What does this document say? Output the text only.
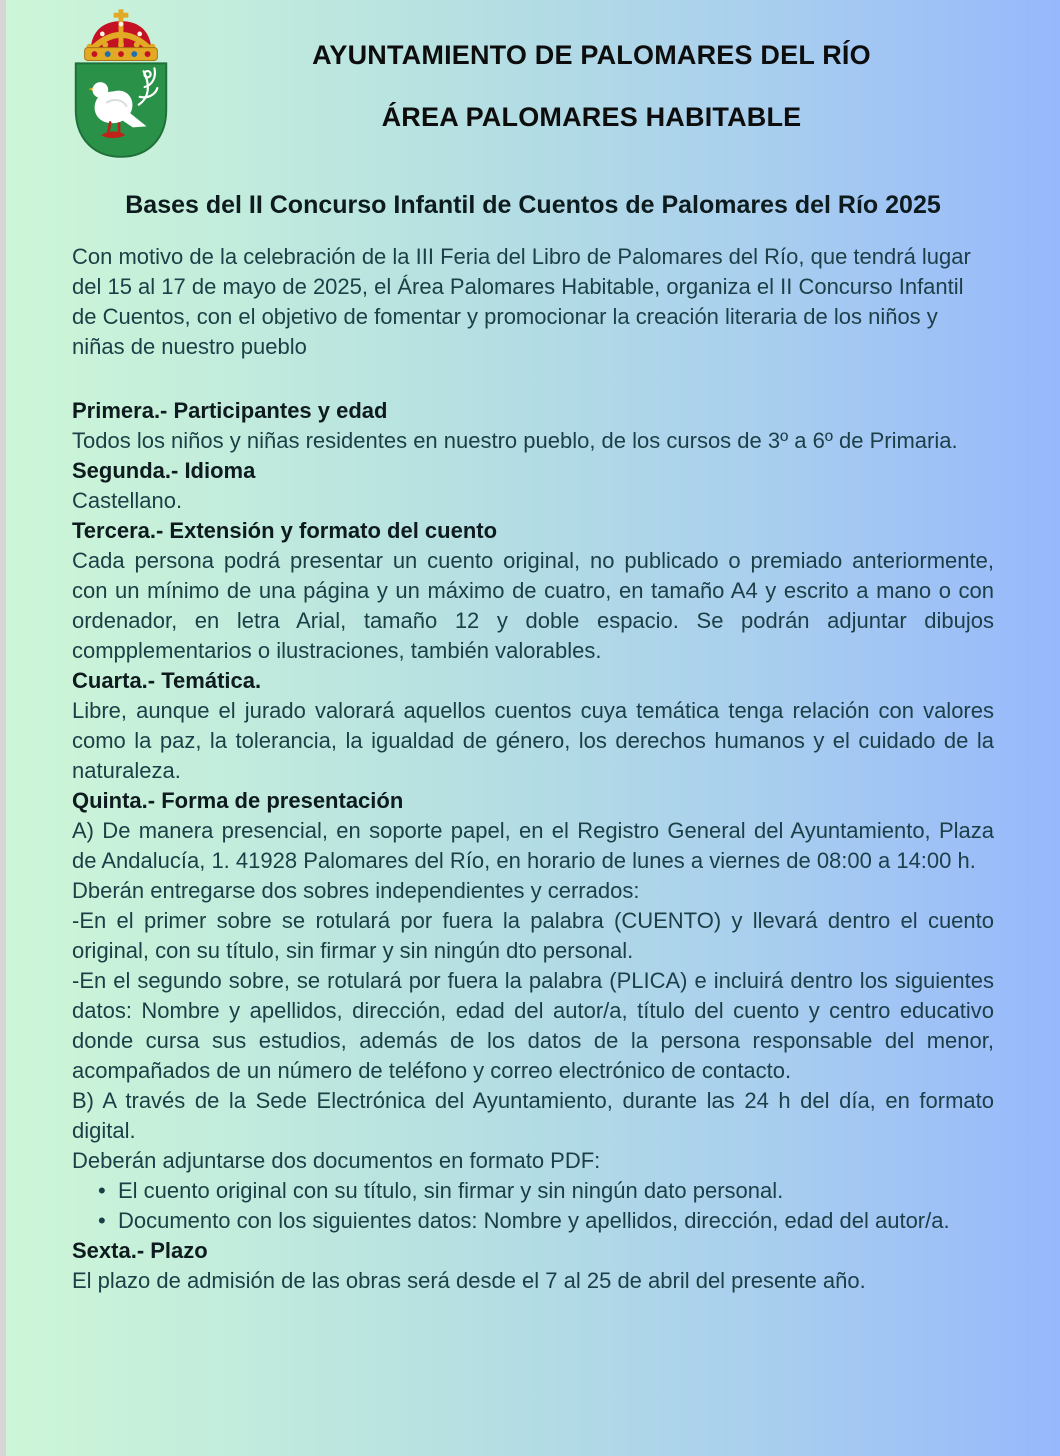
AYUNTAMIENTO DE PALOMARES DEL RÍO
ÁREA PALOMARES HABITABLE
Bases del II Concurso Infantil de Cuentos de Palomares del Río 2025

Con motivo de la celebración de la III Feria del Libro de Palomares del Río, que tendrá lugar del 15 al 17 de mayo de 2025, el Área Palomares Habitable, organiza el II Concurso Infantil de Cuentos, con el objetivo de fomentar y promocionar la creación literaria de los niños y niñas de nuestro pueblo

Primera.- Participantes y edad

Todos los niños y niñas residentes en nuestro pueblo, de los cursos de 3º a 6º de Primaria.

Segunda.- Idioma

Castellano.

Tercera.- Extensión y formato del cuento

Cada persona podrá presentar un cuento original, no publicado o premiado anteriormente, con un mínimo de una página y un máximo de cuatro, en tamaño A4 y escrito a mano o con ordenador, en letra Arial, tamaño 12 y doble espacio. Se podrán adjuntar dibujos compplementarios o ilustraciones, también valorables.

Cuarta.- Temática.

Libre, aunque el jurado valorará aquellos cuentos cuya temática tenga relación con valores como la paz, la tolerancia, la igualdad de género, los derechos humanos y el cuidado de la naturaleza.

Quinta.- Forma de presentación

A) De manera presencial, en soporte papel, en el Registro General del Ayuntamiento, Plaza de Andalucía, 1. 41928 Palomares del Río, en horario de lunes a viernes de 08:00 a 14:00 h.

Dberán entregarse dos sobres independientes y cerrados:

-En el primer sobre se rotulará por fuera la palabra (CUENTO) y llevará dentro el cuento original, con su título, sin firmar y sin ningún dto personal.

-En el segundo sobre, se rotulará por fuera la palabra (PLICA) e incluirá dentro los siguientes datos: Nombre y apellidos, dirección, edad del autor/a, título del cuento y centro educativo donde cursa sus estudios, además de los datos de la persona responsable del menor, acompañados de un número de teléfono y correo electrónico de contacto.

B) A través de la Sede Electrónica del Ayuntamiento, durante las 24 h del día, en formato digital.

Deberán adjuntarse dos documentos en formato PDF:

• El cuento original con su título, sin firmar y sin ningún dato personal.
• Documento con los siguientes datos: Nombre y apellidos, dirección, edad del autor/a.
Sexta.- Plazo

El plazo de admisión de las obras será desde el 7 al 25 de abril del presente año.
